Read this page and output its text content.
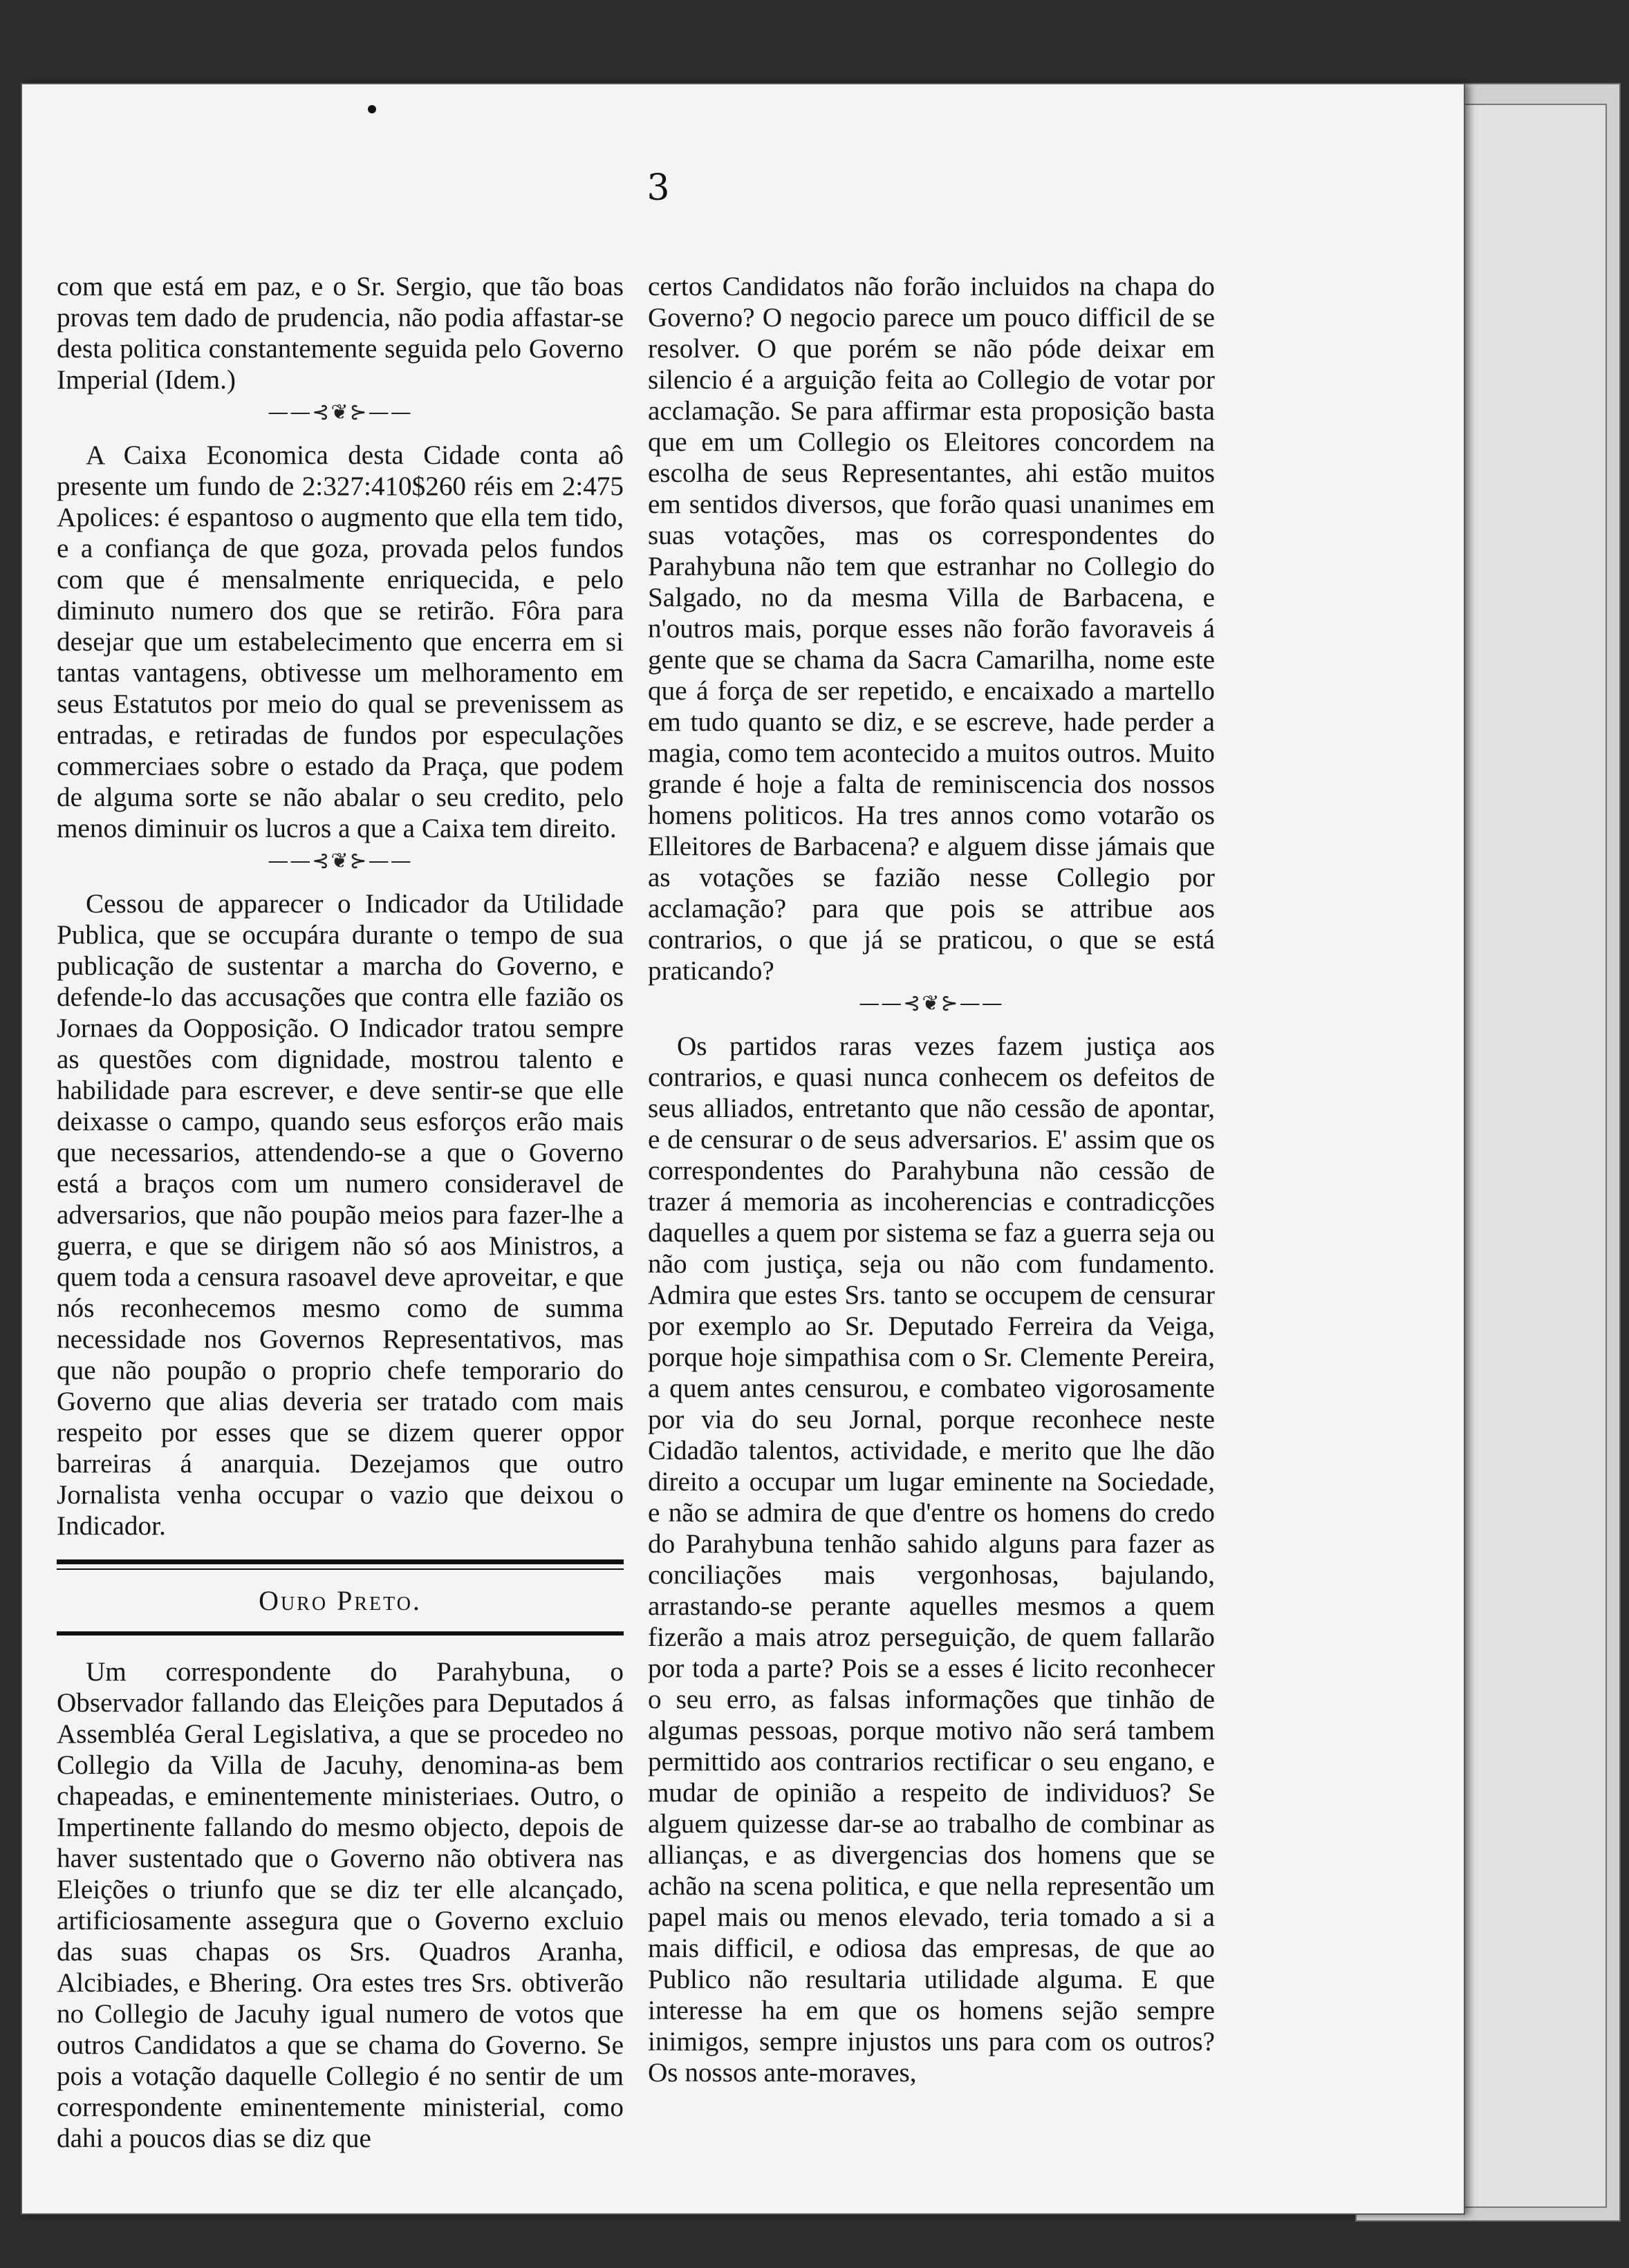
3

com que está em paz, e o Sr. Sergio, que tão boas provas tem dado de prudencia, não podia affastar-se desta politica constantemente seguida pelo Governo Imperial (Idem.)

——⊰❦⊱——

A Caixa Economica desta Cidade conta aô presente um fundo de 2:327:410$260 réis em 2:475 Apolices: é espantoso o augmento que ella tem tido, e a confiança de que goza, provada pelos fundos com que é mensalmente enriquecida, e pelo diminuto numero dos que se retirão. Fôra para desejar que um estabelecimento que encerra em si tantas vantagens, obtivesse um melhoramento em seus Estatutos por meio do qual se prevenissem as entradas, e retiradas de fundos por especulações commerciaes sobre o estado da Praça, que podem de alguma sorte se não abalar o seu credito, pelo menos diminuir os lucros a que a Caixa tem direito.

——⊰❦⊱——

Cessou de apparecer o Indicador da Utilidade Publica, que se occupára durante o tempo de sua publicação de sustentar a marcha do Governo, e defende-lo das accusações que contra elle fazião os Jornaes da Oopposição. O Indicador tratou sempre as questões com dignidade, mostrou talento e habilidade para escrever, e deve sentir-se que elle deixasse o campo, quando seus esforços erão mais que necessarios, attendendo-se a que o Governo está a braços com um numero consideravel de adversarios, que não poupão meios para fazer-lhe a guerra, e que se dirigem não só aos Ministros, a quem toda a censura rasoavel deve aproveitar, e que nós reconhecemos mesmo como de summa necessidade nos Governos Representativos, mas que não poupão o proprio chefe temporario do Governo que alias deveria ser tratado com mais respeito por esses que se dizem querer oppor barreiras á anarquia. Dezejamos que outro Jornalista venha occupar o vazio que deixou o Indicador.

Ouro Preto.

Um correspondente do Parahybuna, o Observador fallando das Eleições para Deputados á Assembléa Geral Legislativa, a que se procedeo no Collegio da Villa de Jacuhy, denomina-as bem chapeadas, e eminentemente ministeriaes. Outro, o Impertinente fallando do mesmo objecto, depois de haver sustentado que o Governo não obtivera nas Eleições o triunfo que se diz ter elle alcançado, artificiosamente assegura que o Governo excluio das suas chapas os Srs. Quadros Aranha, Alcibiades, e Bhering. Ora estes tres Srs. obtiverão no Collegio de Jacuhy igual numero de votos que outros Candidatos a que se chama do Governo. Se pois a votação daquelle Collegio é no sentir de um correspondente eminentemente ministerial, como dahi a poucos dias se diz que

certos Candidatos não forão incluidos na chapa do Governo? O negocio parece um pouco difficil de se resolver. O que porém se não póde deixar em silencio é a arguição feita ao Collegio de votar por acclamação. Se para affirmar esta proposição basta que em um Collegio os Eleitores concordem na escolha de seus Representantes, ahi estão muitos em sentidos diversos, que forão quasi unanimes em suas votações, mas os correspondentes do Parahybuna não tem que estranhar no Collegio do Salgado, no da mesma Villa de Barbacena, e n'outros mais, porque esses não forão favoraveis á gente que se chama da Sacra Camarilha, nome este que á força de ser repetido, e encaixado a martello em tudo quanto se diz, e se escreve, hade perder a magia, como tem acontecido a muitos outros. Muito grande é hoje a falta de reminiscencia dos nossos homens politicos. Ha tres annos como votarão os Elleitores de Barbacena? e alguem disse jámais que as votações se fazião nesse Collegio por acclamação? para que pois se attribue aos contrarios, o que já se praticou, o que se está praticando?

——⊰❦⊱——

Os partidos raras vezes fazem justiça aos contrarios, e quasi nunca conhecem os defeitos de seus alliados, entretanto que não cessão de apontar, e de censurar o de seus adversarios. E' assim que os correspondentes do Parahybuna não cessão de trazer á memoria as incoherencias e contradicções daquelles a quem por sistema se faz a guerra seja ou não com justiça, seja ou não com fundamento. Admira que estes Srs. tanto se occupem de censurar por exemplo ao Sr. Deputado Ferreira da Veiga, porque hoje simpathisa com o Sr. Clemente Pereira, a quem antes censurou, e combateo vigorosamente por via do seu Jornal, porque reconhece neste Cidadão talentos, actividade, e merito que lhe dão direito a occupar um lugar eminente na Sociedade, e não se admira de que d'entre os homens do credo do Parahybuna tenhão sahido alguns para fazer as conciliações mais vergonhosas, bajulando, arrastando-se perante aquelles mesmos a quem fizerão a mais atroz perseguição, de quem fallarão por toda a parte? Pois se a esses é licito reconhecer o seu erro, as falsas informações que tinhão de algumas pessoas, porque motivo não será tambem permittido aos contrarios rectificar o seu engano, e mudar de opinião a respeito de individuos? Se alguem quizesse dar-se ao trabalho de combinar as allianças, e as divergencias dos homens que se achão na scena politica, e que nella representão um papel mais ou menos elevado, teria tomado a si a mais difficil, e odiosa das empresas, de que ao Publico não resultaria utilidade alguma. E que interesse ha em que os homens sejão sempre inimigos, sempre injustos uns para com os outros? Os nossos ante-moraves,
